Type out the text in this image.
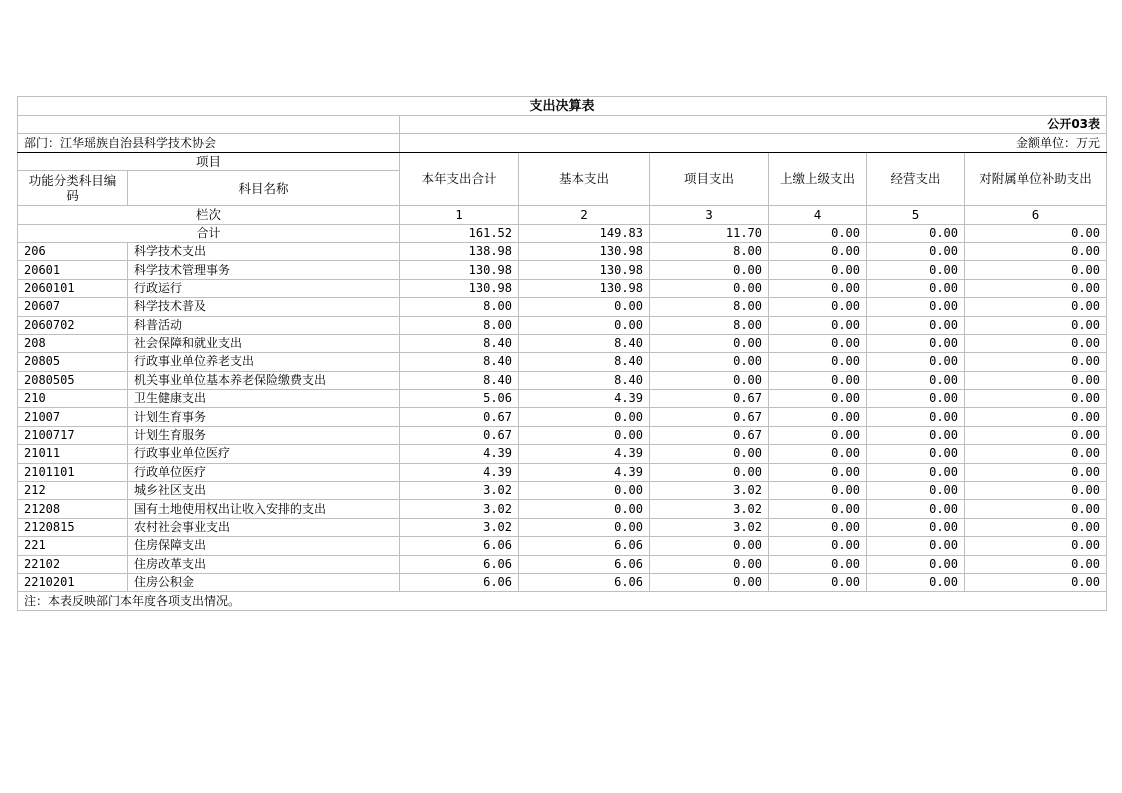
支出决算表							
		公开03表					
部门：江华瑶族自治县科学技术协会		金额单位：万元					
项目		本年支出合计	基本支出	项目支出	上缴上级支出	经营支出	对附属单位补助支出
功能分类科目编码	科目名称						
栏次		1	2	3	4	5	6
合计		161.52	149.83	11.70	0.00	0.00	0.00
206	科学技术支出	138.98	130.98	8.00	0.00	0.00	0.00
20601	科学技术管理事务	130.98	130.98	0.00	0.00	0.00	0.00
2060101	行政运行	130.98	130.98	0.00	0.00	0.00	0.00
20607	科学技术普及	8.00	0.00	8.00	0.00	0.00	0.00
2060702	科普活动	8.00	0.00	8.00	0.00	0.00	0.00
208	社会保障和就业支出	8.40	8.40	0.00	0.00	0.00	0.00
20805	行政事业单位养老支出	8.40	8.40	0.00	0.00	0.00	0.00
2080505	机关事业单位基本养老保险缴费支出	8.40	8.40	0.00	0.00	0.00	0.00
210	卫生健康支出	5.06	4.39	0.67	0.00	0.00	0.00
21007	计划生育事务	0.67	0.00	0.67	0.00	0.00	0.00
2100717	计划生育服务	0.67	0.00	0.67	0.00	0.00	0.00
21011	行政事业单位医疗	4.39	4.39	0.00	0.00	0.00	0.00
2101101	行政单位医疗	4.39	4.39	0.00	0.00	0.00	0.00
212	城乡社区支出	3.02	0.00	3.02	0.00	0.00	0.00
21208	国有土地使用权出让收入安排的支出	3.02	0.00	3.02	0.00	0.00	0.00
2120815	农村社会事业支出	3.02	0.00	3.02	0.00	0.00	0.00
221	住房保障支出	6.06	6.06	0.00	0.00	0.00	0.00
22102	住房改革支出	6.06	6.06	0.00	0.00	0.00	0.00
2210201	住房公积金	6.06	6.06	0.00	0.00	0.00	0.00
注：本表反映部门本年度各项支出情况。							
